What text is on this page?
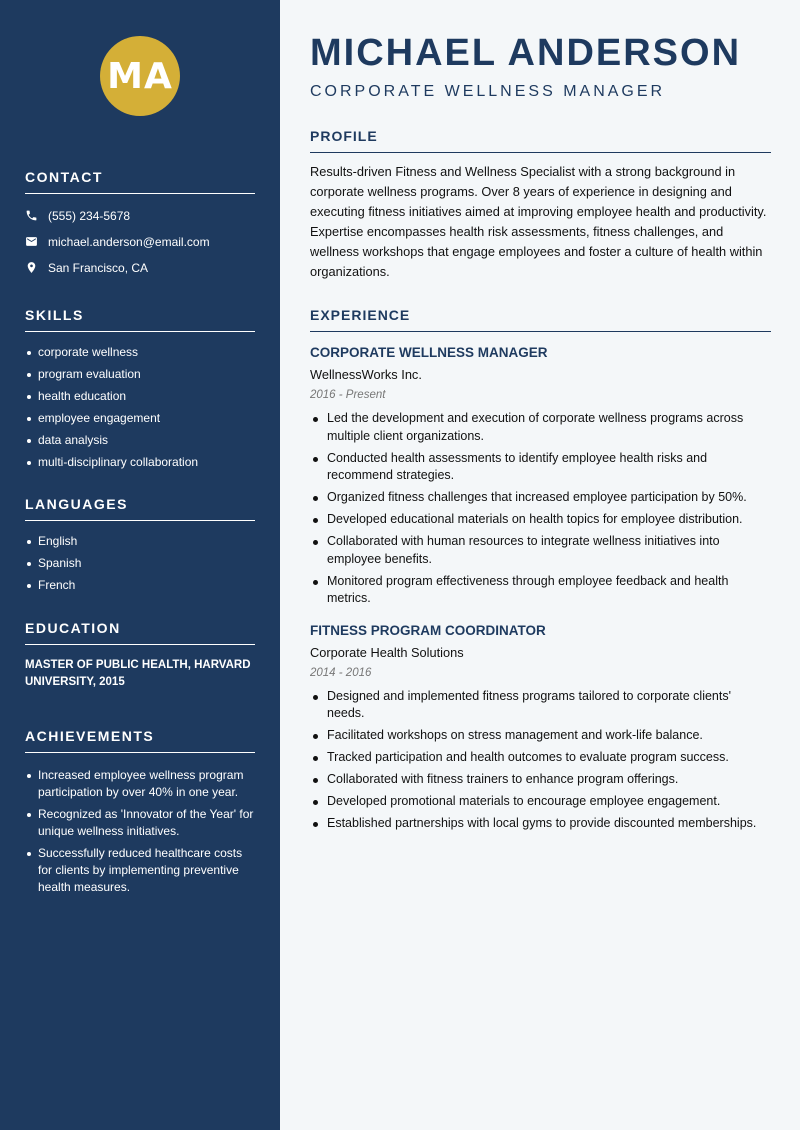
MA
CONTACT
(555) 234-5678
michael.anderson@email.com
San Francisco, CA
SKILLS
corporate wellness
program evaluation
health education
employee engagement
data analysis
multi-disciplinary collaboration
LANGUAGES
English
Spanish
French
EDUCATION
MASTER OF PUBLIC HEALTH, HARVARD UNIVERSITY, 2015
ACHIEVEMENTS
Increased employee wellness program participation by over 40% in one year.
Recognized as 'Innovator of the Year' for unique wellness initiatives.
Successfully reduced healthcare costs for clients by implementing preventive health measures.
MICHAEL ANDERSON
CORPORATE WELLNESS MANAGER
PROFILE

Results-driven Fitness and Wellness Specialist with a strong background in corporate wellness programs. Over 8 years of experience in designing and executing fitness initiatives aimed at improving employee health and productivity. Expertise encompasses health risk assessments, fitness challenges, and wellness workshops that engage employees and foster a culture of health within organizations.

EXPERIENCE
CORPORATE WELLNESS MANAGER
WellnessWorks Inc.
2016 - Present
Led the development and execution of corporate wellness programs across multiple client organizations.
Conducted health assessments to identify employee health risks and recommend strategies.
Organized fitness challenges that increased employee participation by 50%.
Developed educational materials on health topics for employee distribution.
Collaborated with human resources to integrate wellness initiatives into employee benefits.
Monitored program effectiveness through employee feedback and health metrics.
FITNESS PROGRAM COORDINATOR
Corporate Health Solutions
2014 - 2016
Designed and implemented fitness programs tailored to corporate clients' needs.
Facilitated workshops on stress management and work-life balance.
Tracked participation and health outcomes to evaluate program success.
Collaborated with fitness trainers to enhance program offerings.
Developed promotional materials to encourage employee engagement.
Established partnerships with local gyms to provide discounted memberships.
